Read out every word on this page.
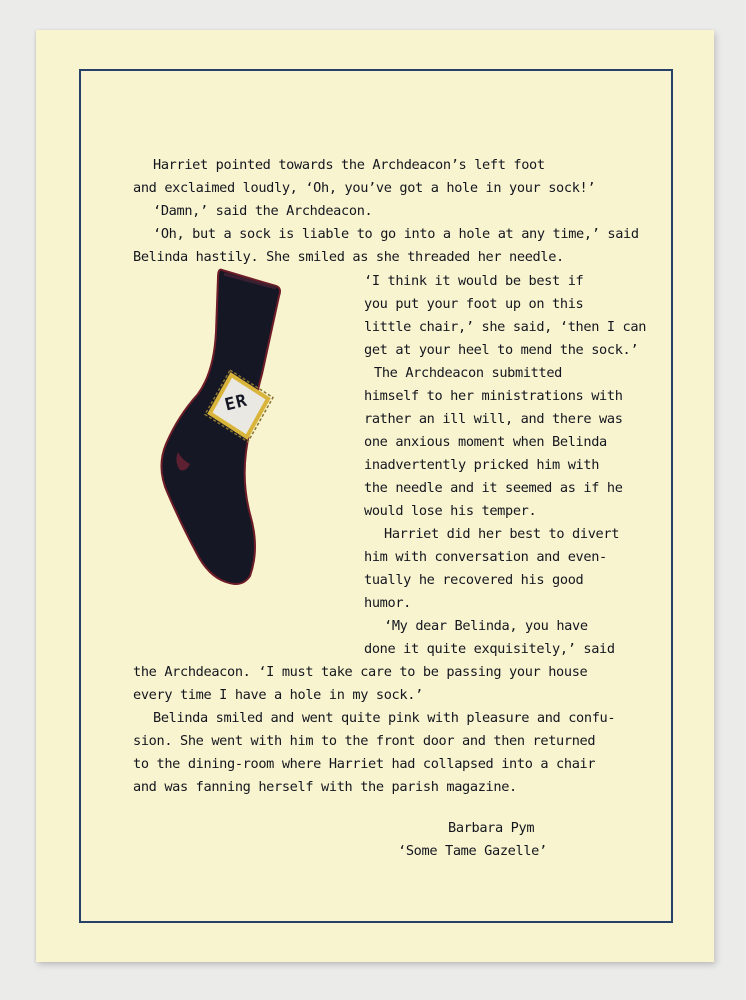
Harriet pointed towards the Archdeacon’s left foot
and exclaimed loudly, ‘Oh, you’ve got a hole in your sock!’
‘Damn,’ said the Archdeacon.
‘Oh, but a sock is liable to go into a hole at any time,’ said
Belinda hastily. She smiled as she threaded her needle.
‘I think it would be best if
you put your foot up on this
little chair,’ she said, ‘then I can
get at your heel to mend the sock.’
The Archdeacon submitted
himself to her ministrations with
rather an ill will, and there was
one anxious moment when Belinda
inadvertently pricked him with
the needle and it seemed as if he
would lose his temper.
Harriet did her best to divert
him with conversation and even-
tually he recovered his good
humor.
‘My dear Belinda, you have
done it quite exquisitely,’ said
the Archdeacon. ‘I must take care to be passing your house
every time I have a hole in my sock.’
Belinda smiled and went quite pink with pleasure and confu-
sion. She went with him to the front door and then returned
to the dining-room where Harriet had collapsed into a chair
and was fanning herself with the parish magazine.
Barbara Pym
‘Some Tame Gazelle’
ER
